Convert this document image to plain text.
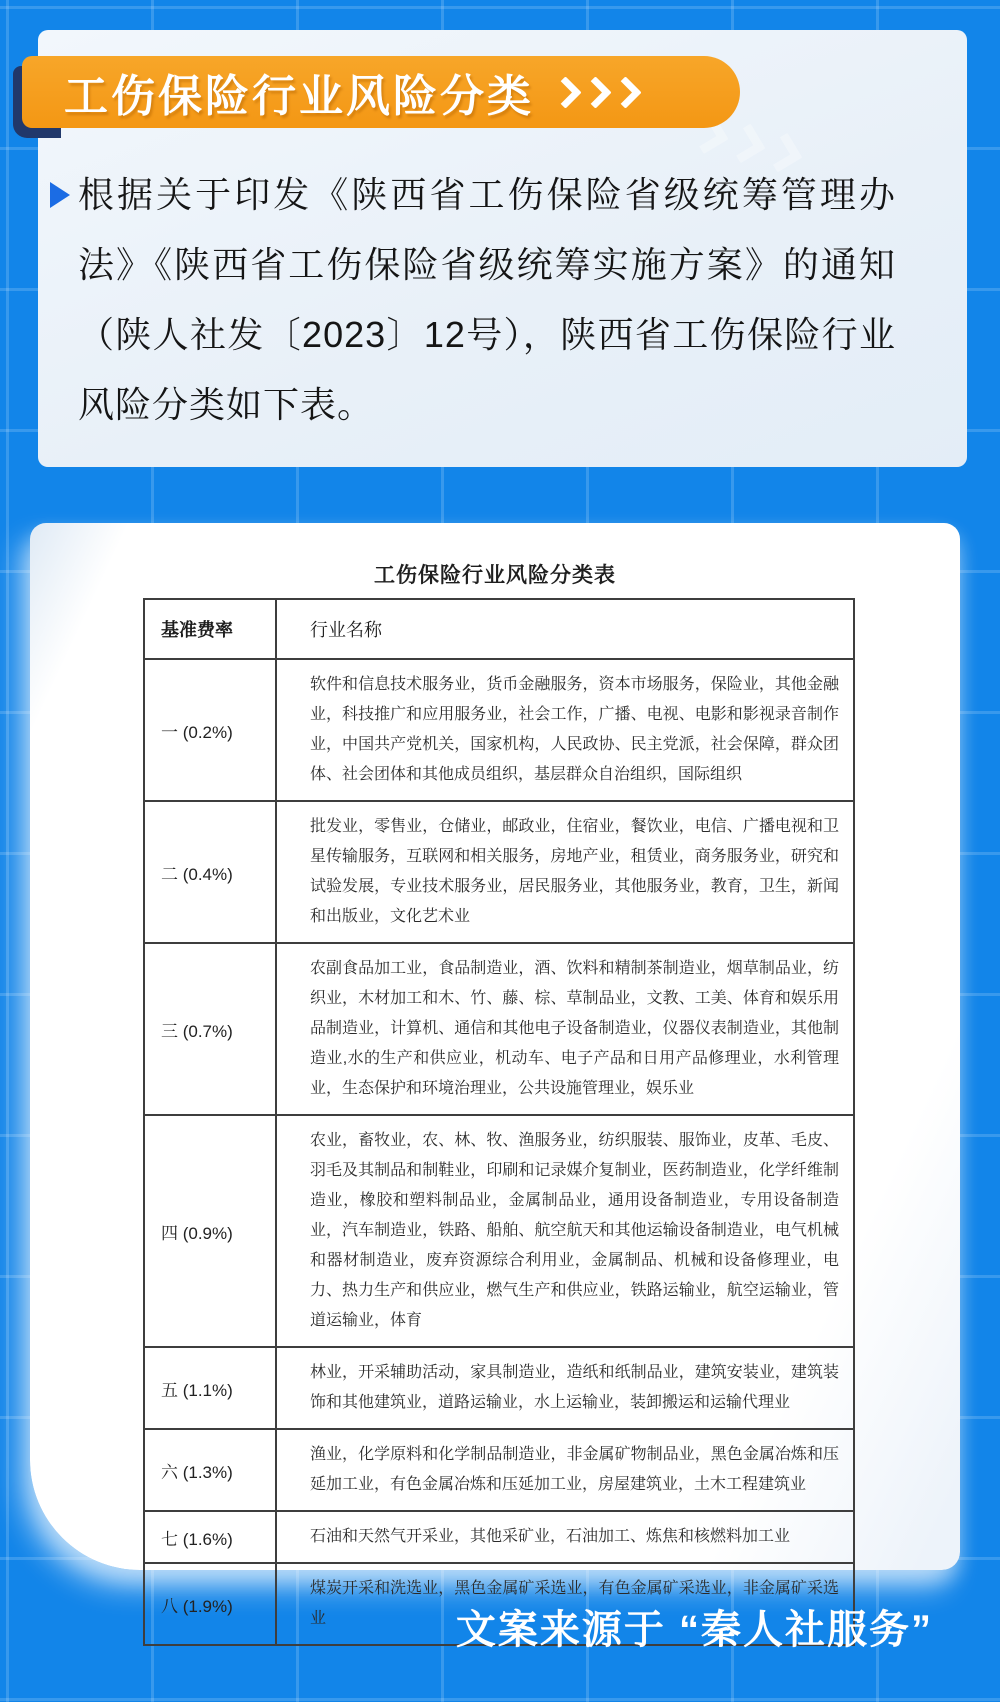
工伤保险行业风险分类

根据关于印发《陕西省工伤保险省级统筹管理办法》《陕西省工伤保险省级统筹实施方案》的通知（陕人社发〔2023〕12号），陕西省工伤保险行业风险分类如下表。

工伤保险行业风险分类表
基准费率	行业名称
一 (0.2%)	软件和信息技术服务业，货币金融服务，资本市场服务，保险业，其他金融业，科技推广和应用服务业，社会工作，广播、电视、电影和影视录音制作业，中国共产党机关，国家机构，人民政协、民主党派，社会保障，群众团体、社会团体和其他成员组织，基层群众自治组织，国际组织
二 (0.4%)	批发业，零售业，仓储业，邮政业，住宿业，餐饮业，电信、广播电视和卫星传输服务，互联网和相关服务，房地产业，租赁业，商务服务业，研究和试验发展，专业技术服务业，居民服务业，其他服务业，教育，卫生，新闻和出版业，文化艺术业
三 (0.7%)	农副食品加工业，食品制造业，酒、饮料和精制茶制造业，烟草制品业，纺织业，木材加工和木、竹、藤、棕、草制品业，文教、工美、体育和娱乐用品制造业，计算机、通信和其他电子设备制造业，仪器仪表制造业，其他制造业,水的生产和供应业，机动车、电子产品和日用产品修理业，水利管理业，生态保护和环境治理业，公共设施管理业，娱乐业
四 (0.9%)	农业，畜牧业，农、林、牧、渔服务业，纺织服装、服饰业，皮革、毛皮、羽毛及其制品和制鞋业，印刷和记录媒介复制业，医药制造业，化学纤维制造业，橡胶和塑料制品业，金属制品业，通用设备制造业，专用设备制造业，汽车制造业，铁路、船舶、航空航天和其他运输设备制造业，电气机械和器材制造业，废弃资源综合利用业，金属制品、机械和设备修理业，电力、热力生产和供应业，燃气生产和供应业，铁路运输业，航空运输业，管道运输业，体育
五 (1.1%)	林业，开采辅助活动，家具制造业，造纸和纸制品业，建筑安装业，建筑装饰和其他建筑业，道路运输业，水上运输业，装卸搬运和运输代理业
六 (1.3%)	渔业，化学原料和化学制品制造业，非金属矿物制品业，黑色金属冶炼和压延加工业，有色金属冶炼和压延加工业，房屋建筑业，土木工程建筑业
七 (1.6%)	石油和天然气开采业，其他采矿业，石油加工、炼焦和核燃料加工业
八 (1.9%)	煤炭开采和洗选业，黑色金属矿采选业，有色金属矿采选业，非金属矿采选业	文案来源于 “秦人社服务”
